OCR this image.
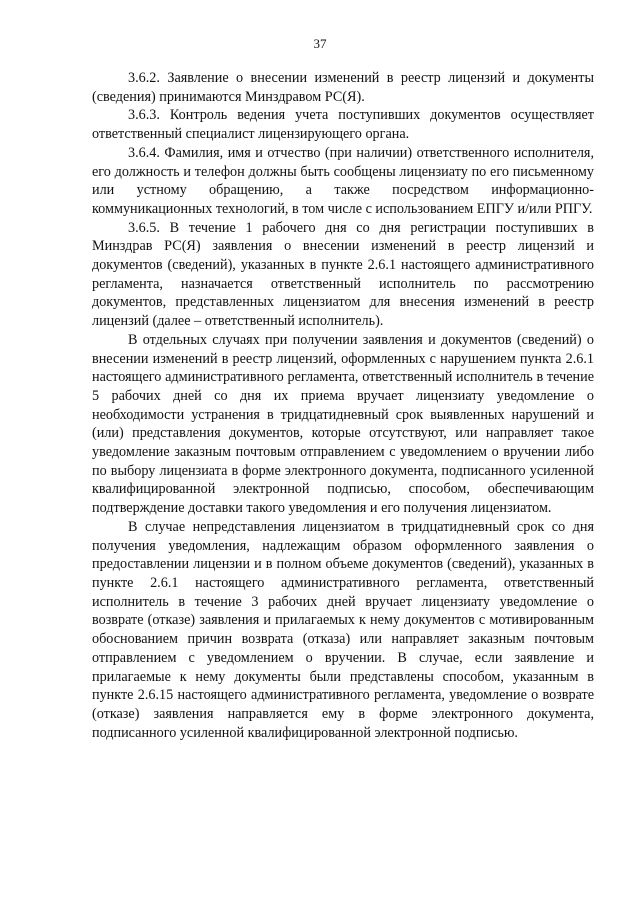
37

3.6.2. Заявление о внесении изменений в реестр лицензий и документы (сведения) принимаются Минздравом РС(Я).

3.6.3. Контроль ведения учета поступивших документов осуществляет ответственный специалист лицензирующего органа.

3.6.4. Фамилия, имя и отчество (при наличии) ответственного исполнителя, его должность и телефон должны быть сообщены лицензиату по его письменному или устному обращению, а также посредством информационно-коммуникационных технологий, в том числе с использованием ЕПГУ и/или РПГУ.

3.6.5. В течение 1 рабочего дня со дня регистрации поступивших в Минздрав РС(Я) заявления о внесении изменений в реестр лицензий и документов (сведений), указанных в пункте 2.6.1 настоящего административного регламента, назначается ответственный исполнитель по рассмотрению документов, представленных лицензиатом для внесения изменений в реестр лицензий (далее – ответственный исполнитель).

В отдельных случаях при получении заявления и документов (сведений) о внесении изменений в реестр лицензий, оформленных с нарушением пункта 2.6.1 настоящего административного регламента, ответственный исполнитель в течение 5 рабочих дней со дня их приема вручает лицензиату уведомление о необходимости устранения в тридцатидневный срок выявленных нарушений и (или) представления документов, которые отсутствуют, или направляет такое уведомление заказным почтовым отправлением с уведомлением о вручении либо по выбору лицензиата в форме электронного документа, подписанного усиленной квалифицированной электронной подписью, способом, обеспечивающим подтверждение доставки такого уведомления и его получения лицензиатом.

В случае непредставления лицензиатом в тридцатидневный срок со дня получения уведомления, надлежащим образом оформленного заявления о предоставлении лицензии и в полном объеме документов (сведений), указанных в пункте 2.6.1 настоящего административного регламента, ответственный исполнитель в течение 3 рабочих дней вручает лицензиату уведомление о возврате (отказе) заявления и прилагаемых к нему документов с мотивированным обоснованием причин возврата (отказа) или направляет заказным почтовым отправлением с уведомлением о вручении. В случае, если заявление и прилагаемые к нему документы были представлены способом, указанным в пункте 2.6.15 настоящего административного регламента, уведомление о возврате (отказе) заявления направляется ему в форме электронного документа, подписанного усиленной квалифицированной электронной подписью.
